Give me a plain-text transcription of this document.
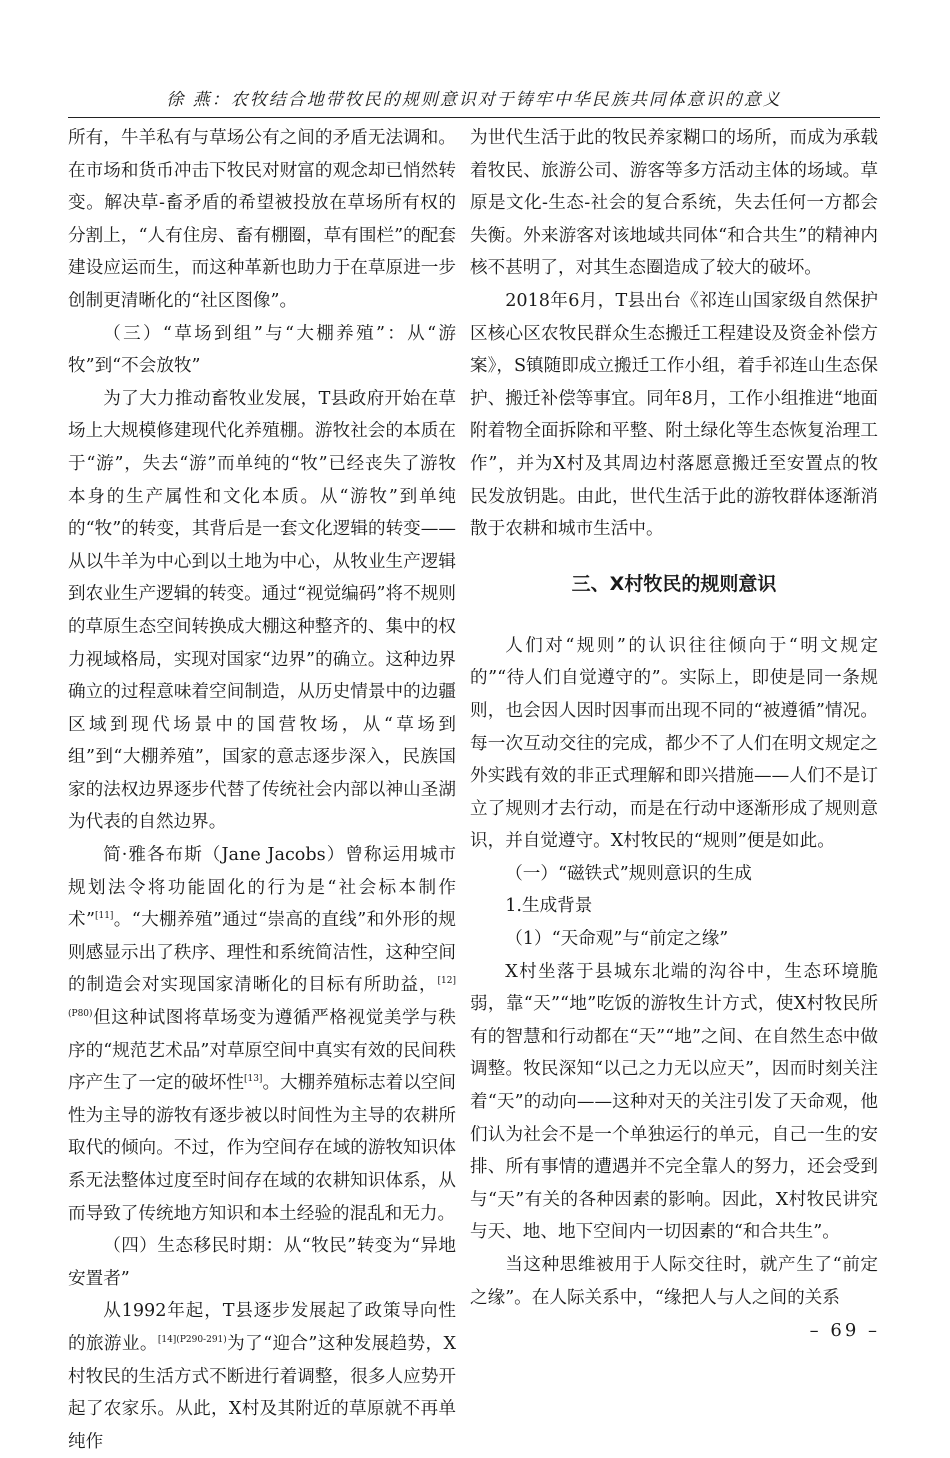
徐 燕：农牧结合地带牧民的规则意识对于铸牢中华民族共同体意识的意义

所有，牛羊私有与草场公有之间的矛盾无法调和。在市场和货币冲击下牧民对财富的观念却已悄然转变。解决草-畜矛盾的希望被投放在草场所有权的分割上，“人有住房、畜有棚圈，草有围栏”的配套建设应运而生，而这种革新也助力于在草原进一步创制更清晰化的“社区图像”。

（三）“草场到组”与“大棚养殖”：从“游牧”到“不会放牧”

为了大力推动畜牧业发展，T县政府开始在草场上大规模修建现代化养殖棚。游牧社会的本质在于“游”，失去“游”而单纯的“牧”已经丧失了游牧本身的生产属性和文化本质。从“游牧”到单纯的“牧”的转变，其背后是一套文化逻辑的转变——从以牛羊为中心到以土地为中心，从牧业生产逻辑到农业生产逻辑的转变。通过“视觉编码”将不规则的草原生态空间转换成大棚这种整齐的、集中的权力视域格局，实现对国家“边界”的确立。这种边界确立的过程意味着空间制造，从历史情景中的边疆区域到现代场景中的国营牧场，从“草场到组”到“大棚养殖”，国家的意志逐步深入，民族国家的法权边界逐步代替了传统社会内部以神山圣湖为代表的自然边界。

简·雅各布斯（Jane Jacobs）曾称运用城市规划法令将功能固化的行为是“社会标本制作术”[11]。“大棚养殖”通过“崇高的直线”和外形的规则感显示出了秩序、理性和系统简洁性，这种空间的制造会对实现国家清晰化的目标有所助益，$^{[12](P80)}$但这种试图将草场变为遵循严格视觉美学与秩序的“规范艺术品”对草原空间中真实有效的民间秩序产生了一定的破坏性[13]。大棚养殖标志着以空间性为主导的游牧有逐步被以时间性为主导的农耕所取代的倾向。不过，作为空间存在域的游牧知识体系无法整体过度至时间存在域的农耕知识体系，从而导致了传统地方知识和本土经验的混乱和无力。

（四）生态移民时期：从“牧民”转变为“异地安置者”

从1992年起，T县逐步发展起了政策导向性的旅游业。$^{[14](P290-291)}$为了“迎合”这种发展趋势，X村牧民的生活方式不断进行着调整，很多人应势开起了农家乐。从此，X村及其附近的草原就不再单纯作

为世代生活于此的牧民养家糊口的场所，而成为承载着牧民、旅游公司、游客等多方活动主体的场域。草原是文化-生态-社会的复合系统，失去任何一方都会失衡。外来游客对该地域共同体“和合共生”的精神内核不甚明了，对其生态圈造成了较大的破坏。

2018年6月，T县出台《祁连山国家级自然保护区核心区农牧民群众生态搬迁工程建设及资金补偿方案》，S镇随即成立搬迁工作小组，着手祁连山生态保护、搬迁补偿等事宜。同年8月，工作小组推进“地面附着物全面拆除和平整、附土绿化等生态恢复治理工作”，并为X村及其周边村落愿意搬迁至安置点的牧民发放钥匙。由此，世代生活于此的游牧群体逐渐消散于农耕和城市生活中。

三、X村牧民的规则意识

人们对“规则”的认识往往倾向于“明文规定的”“待人们自觉遵守的”。实际上，即使是同一条规则，也会因人因时因事而出现不同的“被遵循”情况。每一次互动交往的完成，都少不了人们在明文规定之外实践有效的非正式理解和即兴措施——人们不是订立了规则才去行动，而是在行动中逐渐形成了规则意识，并自觉遵守。X村牧民的“规则”便是如此。

（一）“磁铁式”规则意识的生成

1.生成背景

（1）“天命观”与“前定之缘”

X村坐落于县城东北端的沟谷中，生态环境脆弱，靠“天”“地”吃饭的游牧生计方式，使X村牧民所有的智慧和行动都在“天”“地”之间、在自然生态中做调整。牧民深知“以己之力无以应天”，因而时刻关注着“天”的动向——这种对天的关注引发了天命观，他们认为社会不是一个单独运行的单元，自己一生的安排、所有事情的遭遇并不完全靠人的努力，还会受到与“天”有关的各种因素的影响。因此，X村牧民讲究与天、地、地下空间内一切因素的“和合共生”。

当这种思维被用于人际交往时，就产生了“前定之缘”。在人际关系中，“缘把人与人之间的关系

– 69 –
